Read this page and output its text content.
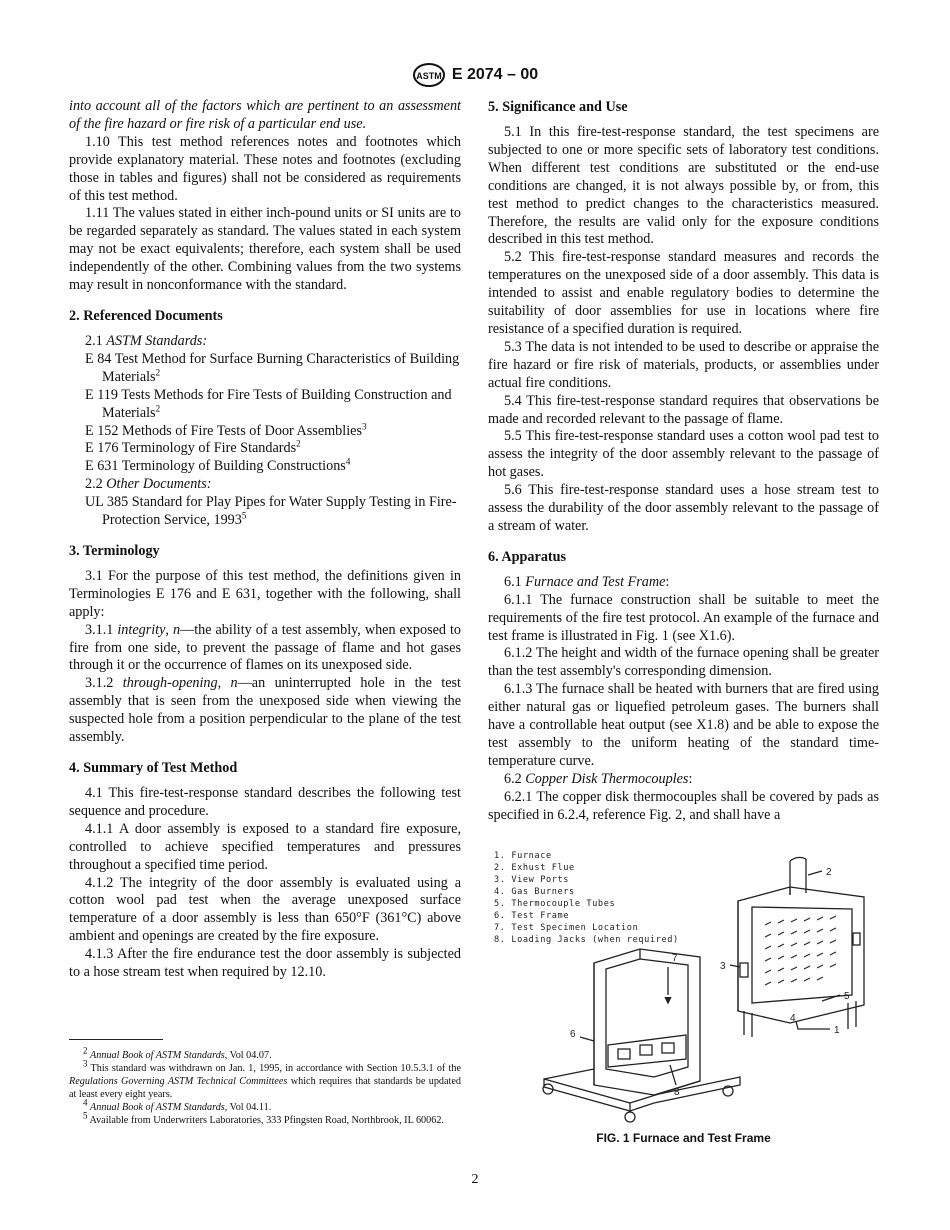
ASTM E 2074 – 00

into account all of the factors which are pertinent to an assessment of the fire hazard or fire risk of a particular end use.

1.10 This test method references notes and footnotes which provide explanatory material. These notes and footnotes (excluding those in tables and figures) shall not be considered as requirements of this test method.

1.11 The values stated in either inch-pound units or SI units are to be regarded separately as standard. The values stated in each system may not be exact equivalents; therefore, each system shall be used independently of the other. Combining values from the two systems may result in nonconformance with the standard.

2. Referenced Documents

2.1 ASTM Standards:

E 84 Test Method for Surface Burning Characteristics of Building Materials$^2$

E 119 Tests Methods for Fire Tests of Building Construction and Materials$^2$

E 152 Methods of Fire Tests of Door Assemblies$^3$

E 176 Terminology of Fire Standards$^2$

E 631 Terminology of Building Constructions$^4$

2.2 Other Documents:

UL 385 Standard for Play Pipes for Water Supply Testing in Fire-Protection Service, 1993$^5$

3. Terminology

3.1 For the purpose of this test method, the definitions given in Terminologies E 176 and E 631, together with the following, shall apply:

3.1.1 integrity, n—the ability of a test assembly, when exposed to fire from one side, to prevent the passage of flame and hot gases through it or the occurrence of flames on its unexposed side.

3.1.2 through-opening, n—an uninterrupted hole in the test assembly that is seen from the unexposed side when viewing the suspected hole from a position perpendicular to the plane of the test assembly.

4. Summary of Test Method

4.1 This fire-test-response standard describes the following test sequence and procedure.

4.1.1 A door assembly is exposed to a standard fire exposure, controlled to achieve specified temperatures and pressures throughout a specified time period.

4.1.2 The integrity of the door assembly is evaluated using a cotton wool pad test when the average unexposed surface temperature of a door assembly is less than 650°F (361°C) above ambient and openings are created by the fire exposure.

4.1.3 After the fire endurance test the door assembly is subjected to a hose stream test when required by 12.10.

$^2$ Annual Book of ASTM Standards, Vol 04.07.

$^3$ This standard was withdrawn on Jan. 1, 1995, in accordance with Section 10.5.3.1 of the Regulations Governing ASTM Technical Committees which requires that standards be updated at least every eight years.

$^4$ Annual Book of ASTM Standards, Vol 04.11.

$^5$ Available from Underwriters Laboratories, 333 Pfingsten Road, Northbrook, IL 60062.

5. Significance and Use

5.1 In this fire-test-response standard, the test specimens are subjected to one or more specific sets of laboratory test conditions. When different test conditions are substituted or the end-use conditions are changed, it is not always possible by, or from, this test method to predict changes to the characteristics measured. Therefore, the results are valid only for the exposure conditions described in this test method.

5.2 This fire-test-response standard measures and records the temperatures on the unexposed side of a door assembly. This data is intended to assist and enable regulatory bodies to determine the suitability of door assemblies for use in locations where fire resistance of a specified duration is required.

5.3 The data is not intended to be used to describe or appraise the fire hazard or fire risk of materials, products, or assemblies under actual fire conditions.

5.4 This fire-test-response standard requires that observations be made and recorded relevant to the passage of flame.

5.5 This fire-test-response standard uses a cotton wool pad test to assess the integrity of the door assembly relevant to the passage of hot gases.

5.6 This fire-test-response standard uses a hose stream test to assess the durability of the door assembly relevant to the passage of a stream of water.

6. Apparatus

6.1 Furnace and Test Frame:

6.1.1 The furnace construction shall be suitable to meet the requirements of the fire test protocol. An example of the furnace and test frame is illustrated in Fig. 1 (see X1.6).

6.1.2 The height and width of the furnace opening shall be greater than the test assembly's corresponding dimension.

6.1.3 The furnace shall be heated with burners that are fired using either natural gas or liquefied petroleum gases. The burners shall have a controllable heat output (see X1.8) and be able to expose the test assembly to the uniform heating of the standard time-temperature curve.

6.2 Copper Disk Thermocouples:

6.2.1 The copper disk thermocouples shall be covered by pads as specified in 6.2.4, reference Fig. 2, and shall have a

1. Furnace
2. Exhust Flue
3. View Ports
4. Gas Burners
5. Thermocouple Tubes
6. Test Frame
7. Test Specimen Location
8. Loading Jacks (when required)
2
3
5
4
1
7
6
8
FIG. 1 Furnace and Test Frame
2
